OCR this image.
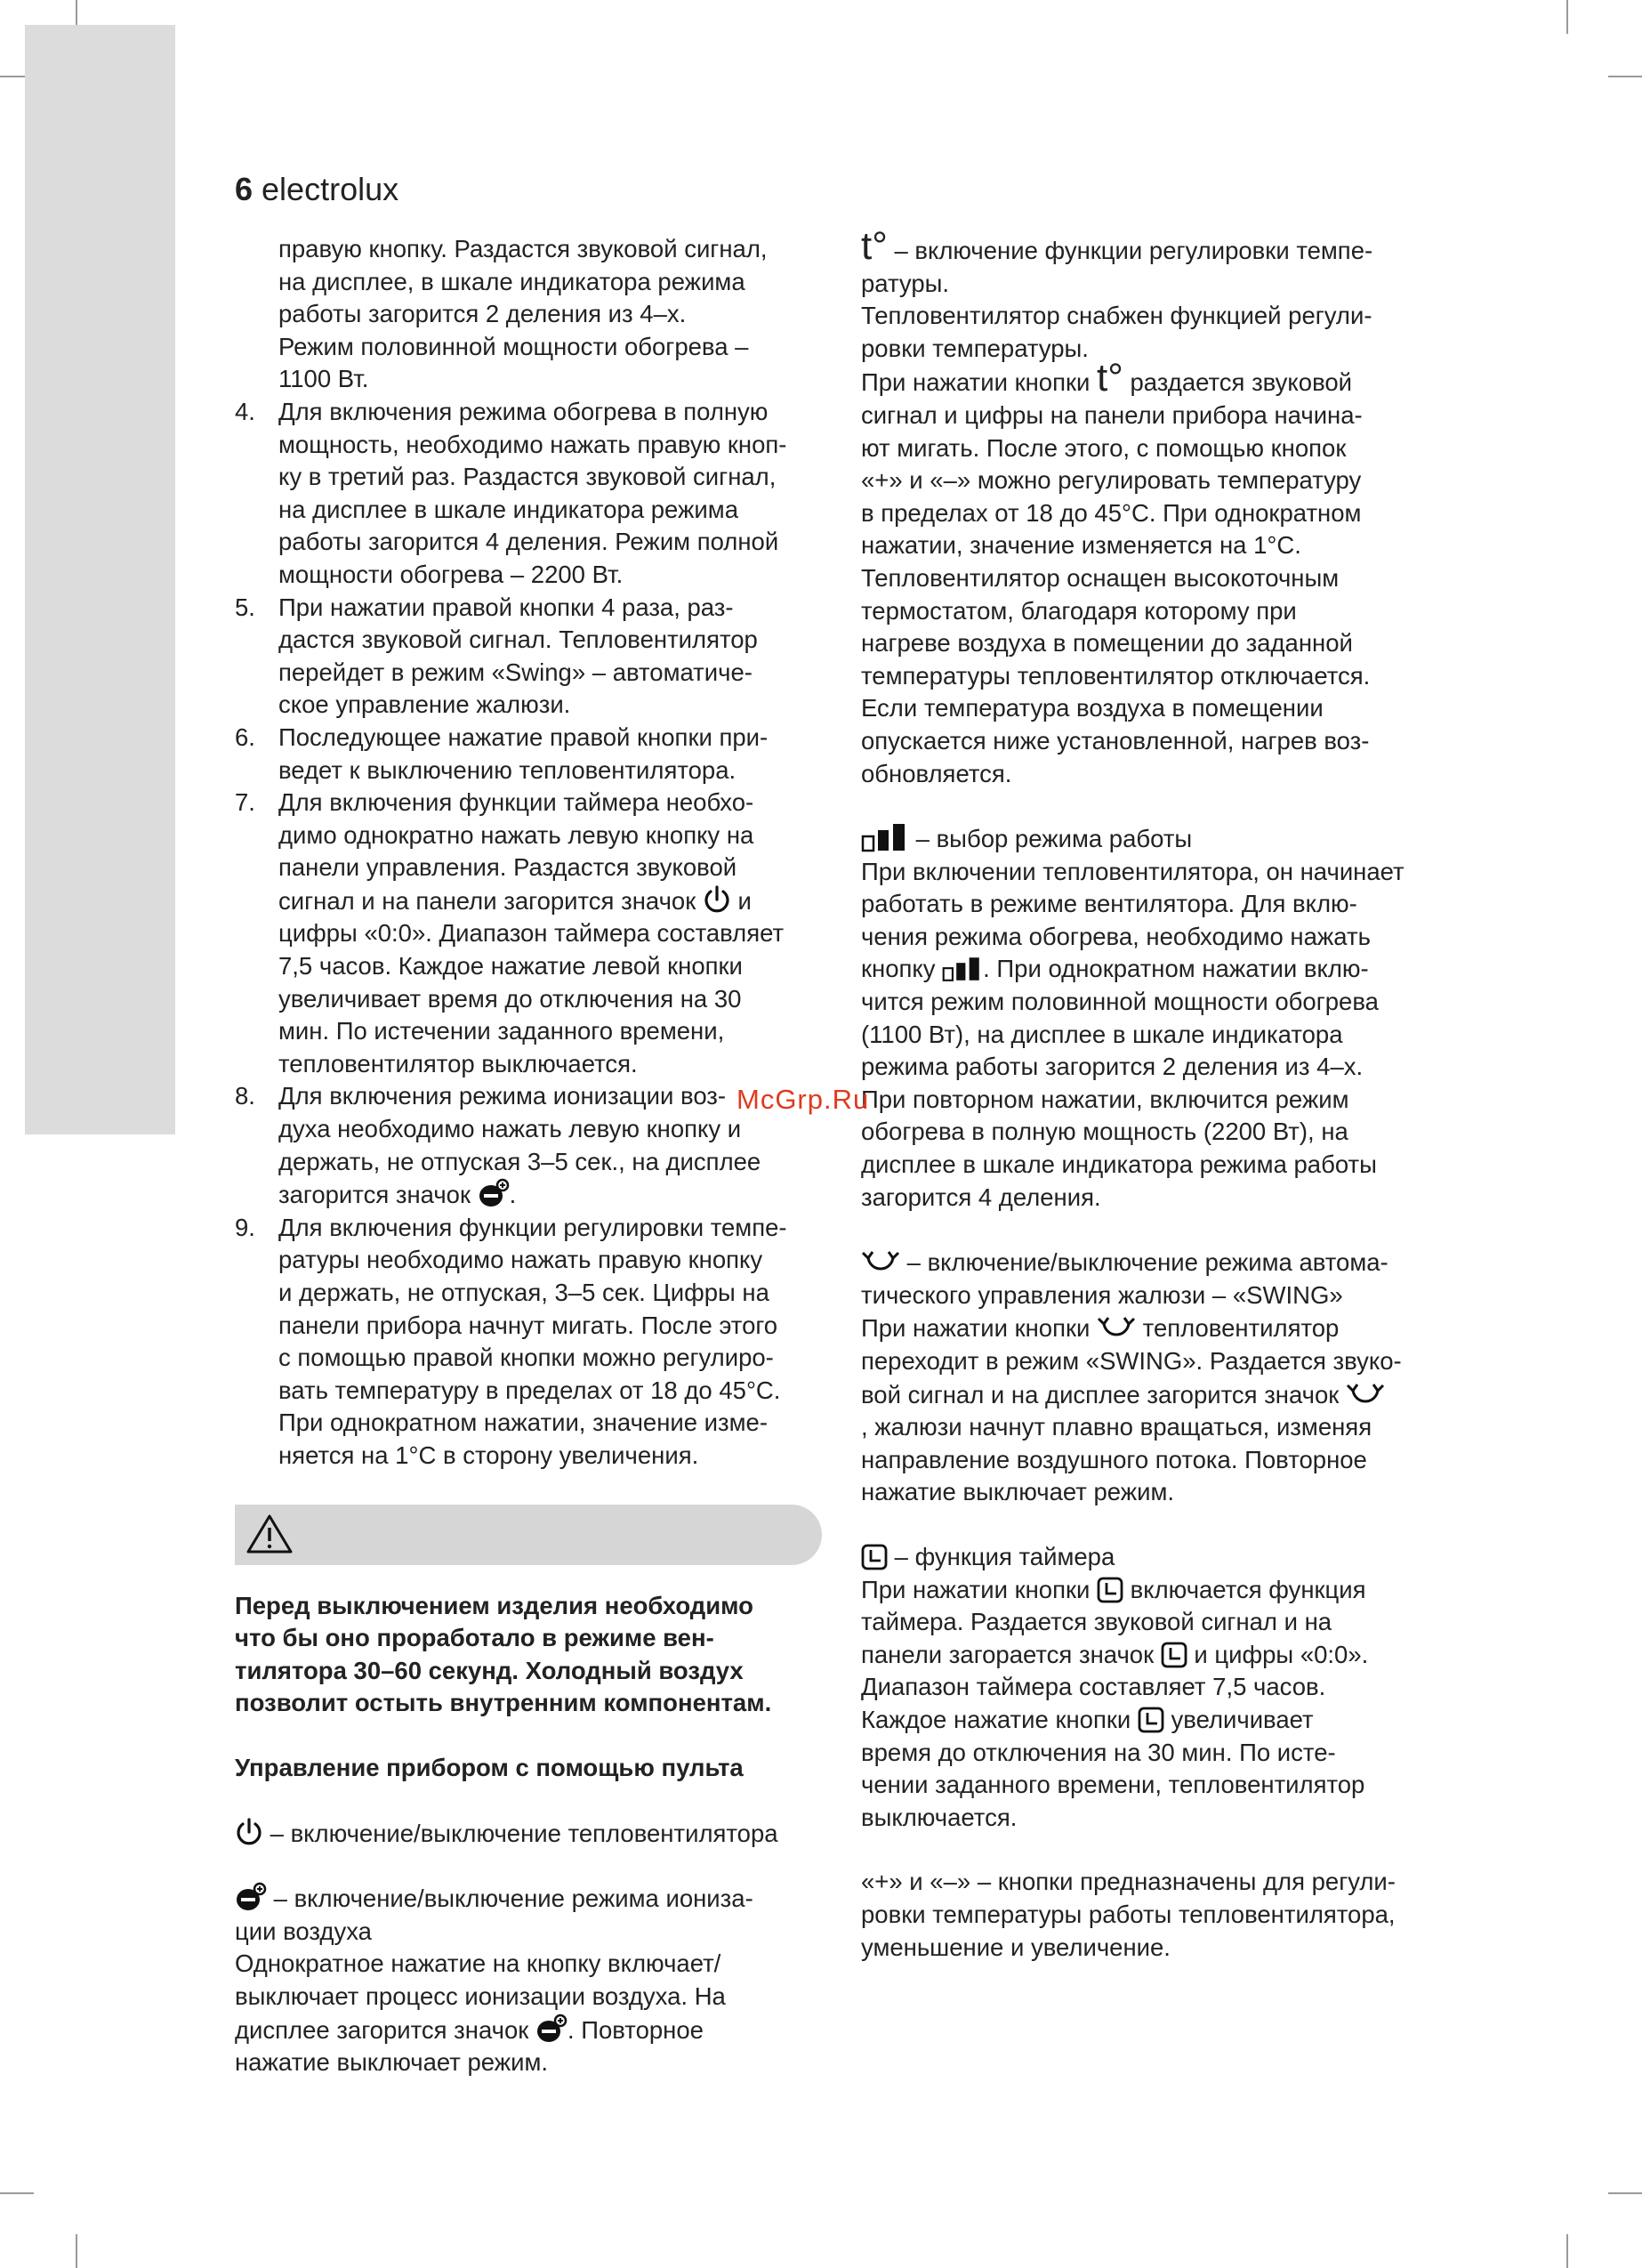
6 electrolux

правую кнопку. Раздастся звуковой сигнал,

на дисплее, в шкале индикатора режима

работы загорится 2 деления из 4–х.

Режим половинной мощности обогрева –

1100 Вт.

4. Для включения режима обогрева в полную

мощность, необходимо нажать правую кноп-

ку в третий раз. Раздастся звуковой сигнал,

на дисплее в шкале индикатора режима

работы загорится 4 деления. Режим полной

мощности обогрева – 2200 Вт.

5. При нажатии правой кнопки 4 раза, раз-

дастся звуковой сигнал. Тепловентилятор

перейдет в режим «Swing» – автоматиче-

ское управление жалюзи.

6. Последующее нажатие правой кнопки при-

ведет к выключению тепловентилятора.

7. Для включения функции таймера необхо-

димо однократно нажать левую кнопку на

панели управления. Раздастся звуковой

сигнал и на панели загорится значок и

цифры «0:0». Диапазон таймера составляет

7,5 часов. Каждое нажатие левой кнопки

увеличивает время до отключения на 30

мин. По истечении заданного времени,

тепловентилятор выключается.

8. Для включения режима ионизации воз-

духа необходимо нажать левую кнопку и

держать, не отпуская 3–5 сек., на дисплее

загорится значок .

9. Для включения функции регулировки темпе-

ратуры необходимо нажать правую кнопку

и держать, не отпуская, 3–5 сек. Цифры на

панели прибора начнут мигать. После этого

с помощью правой кнопки можно регулиро-

вать температуру в пределах от 18 до 45°С.

При однократном нажатии, значение изме-

няется на 1°С в сторону увеличения.

Перед выключением изделия необходимо

что бы оно проработало в режиме вен-

тилятора 30–60 секунд. Холодный воздух

позволит остыть внутренним компонентам.

Управление прибором с помощью пульта

– включение/выключение тепловентилятора

– включение/выключение режима иониза-

ции воздуха

Однократное нажатие на кнопку включает/

выключает процесс ионизации воздуха. На

дисплее загорится значок . Повторное

нажатие выключает режим.

t° – включение функции регулировки темпе-

ратуры.

Тепловентилятор снабжен функцией регули-

ровки температуры.

При нажатии кнопки t° раздается звуковой

сигнал и цифры на панели прибора начина-

ют мигать. После этого, с помощью кнопок

«+» и «–» можно регулировать температуру

в пределах от 18 до 45°С. При однократном

нажатии, значение изменяется на 1°С.

Тепловентилятор оснащен высокоточным

термостатом, благодаря которому при

нагреве воздуха в помещении до заданной

температуры тепловентилятор отключается.

Если температура воздуха в помещении

опускается ниже установленной, нагрев воз-

обновляется.

– выбор режима работы

При включении тепловентилятора, он начинает

работать в режиме вентилятора. Для вклю-

чения режима обогрева, необходимо нажать

кнопку . При однократном нажатии вклю-

чится режим половинной мощности обогрева

(1100 Вт), на дисплее в шкале индикатора

режима работы загорится 2 деления из 4–х.

При повторном нажатии, включится режим

обогрева в полную мощность (2200 Вт), на

дисплее в шкале индикатора режима работы

загорится 4 деления.

– включение/выключение режима автома-

тического управления жалюзи – «SWING»

При нажатии кнопки тепловентилятор

переходит в режим «SWING». Раздается звуко-

вой сигнал и на дисплее загорится значок

, жалюзи начнут плавно вращаться, изменяя

направление воздушного потока. Повторное

нажатие выключает режим.

– функция таймера

При нажатии кнопки включается функция

таймера. Раздается звуковой сигнал и на

панели загорается значок и цифры «0:0».

Диапазон таймера составляет 7,5 часов.

Каждое нажатие кнопки увеличивает

время до отключения на 30 мин. По исте-

чении заданного времени, тепловентилятор

выключается.

«+» и «–» – кнопки предназначены для регули-

ровки температуры работы тепловентилятора,

уменьшение и увеличение.

McGrp.Ru
